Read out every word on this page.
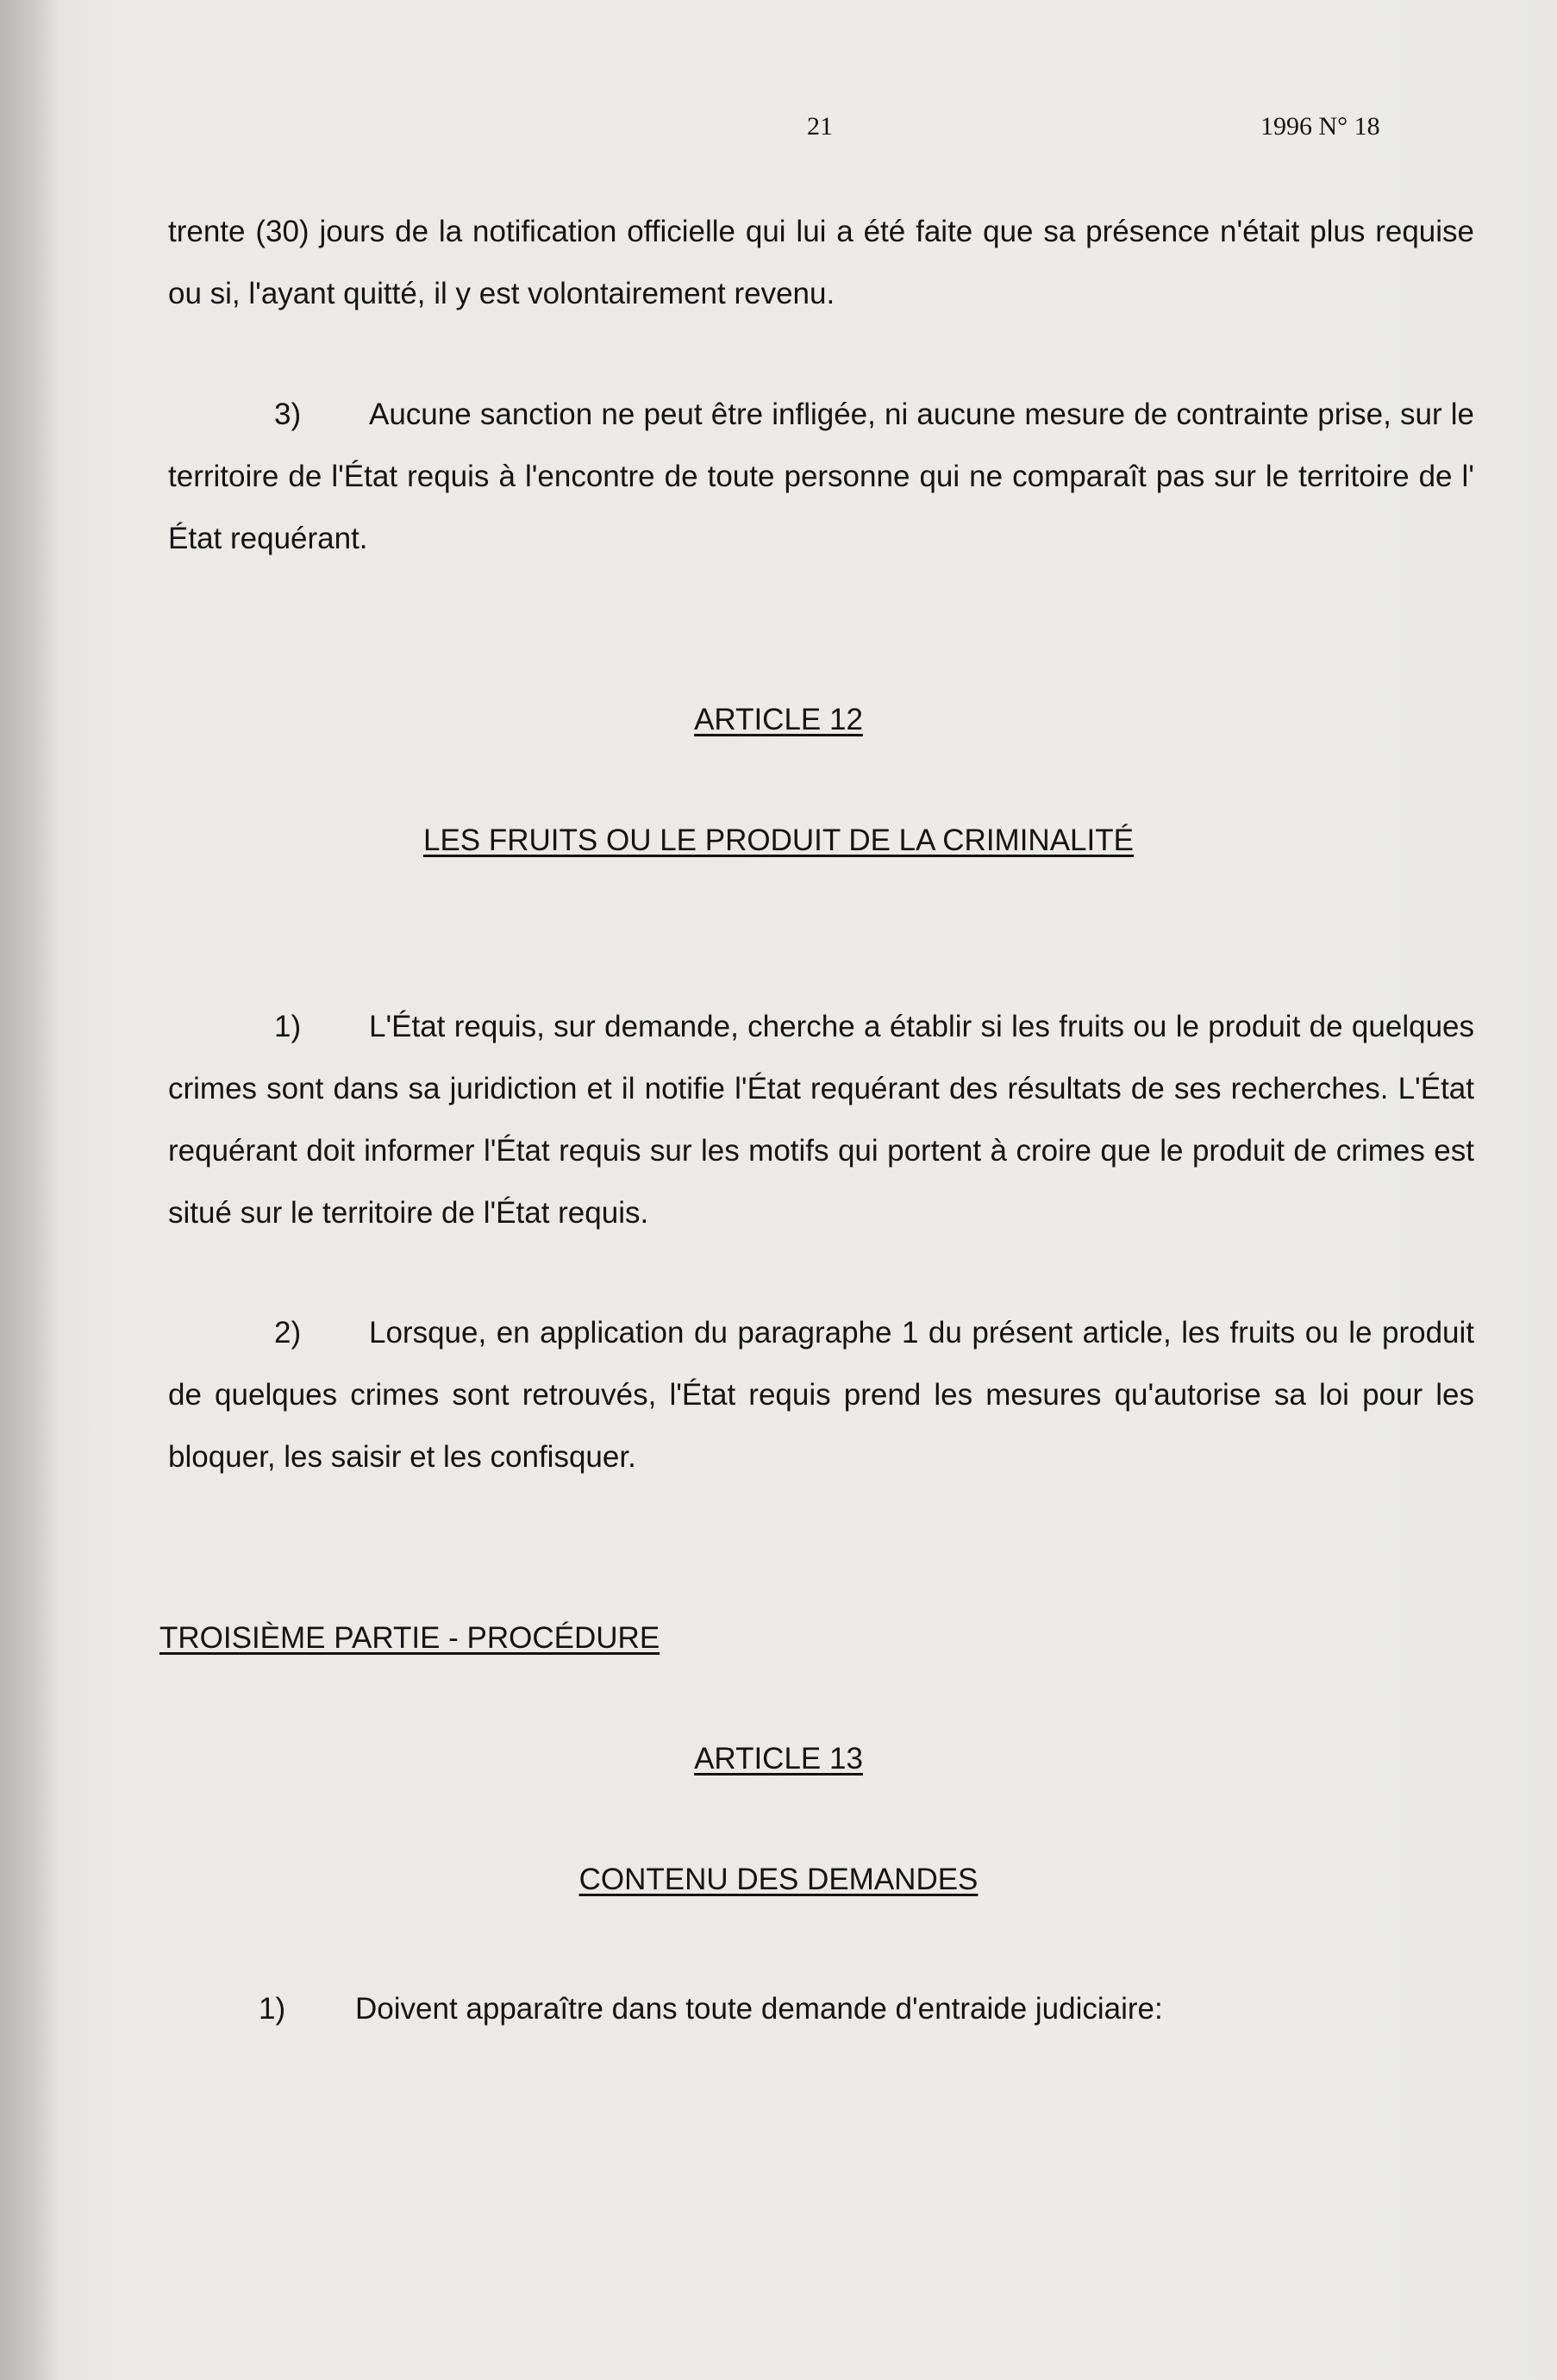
21	1996 N° 18
trente (30) jours de la notification officielle qui lui a été faite que sa présence n'était plus requise ou si, l'ayant quitté, il y est volontairement revenu.
3) Aucune sanction ne peut être infligée, ni aucune mesure de contrainte prise, sur le territoire de l'État requis à l'encontre de toute personne qui ne comparaît pas sur le territoire de l' État requérant.
ARTICLE 12
LES FRUITS OU LE PRODUIT DE LA CRIMINALITÉ
1) L'État requis, sur demande, cherche a établir si les fruits ou le produit de quelques crimes sont dans sa juridiction et il notifie l'État requérant des résultats de ses recherches. L'État requérant doit informer l'État requis sur les motifs qui portent à croire que le produit de crimes est situé sur le territoire de l'État requis.
2) Lorsque, en application du paragraphe 1 du présent article, les fruits ou le produit de quelques crimes sont retrouvés, l'État requis prend les mesures qu'autorise sa loi pour les bloquer, les saisir et les confisquer.
TROISIÈME PARTIE - PROCÉDURE
ARTICLE 13
CONTENU DES DEMANDES
1) Doivent apparaître dans toute demande d'entraide judiciaire:
